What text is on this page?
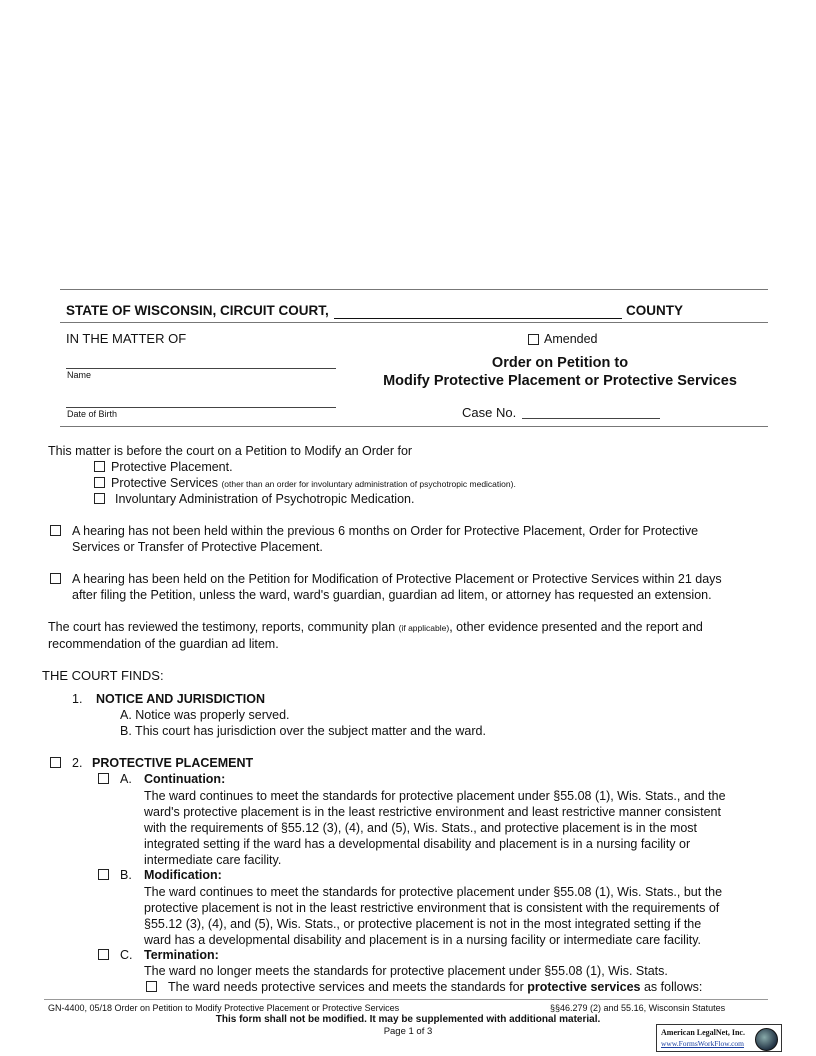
STATE OF WISCONSIN, CIRCUIT COURT,	COUNTY
IN THE MATTER OF	Amended
Name
Date of Birth
Order on Petition to
Modify Protective Placement or Protective Services
Case No.
This matter is before the court on a Petition to Modify an Order for
Protective Placement.
Protective Services (other than an order for involuntary administration of psychotropic medication).
Involuntary Administration of Psychotropic Medication.
A hearing has not been held within the previous 6 months on Order for Protective Placement, Order for Protective
Services or Transfer of Protective Placement.
A hearing has been held on the Petition for Modification of Protective Placement or Protective Services within 21 days
after filing the Petition, unless the ward, ward's guardian, guardian ad litem, or attorney has requested an extension.
The court has reviewed the testimony, reports, community plan (if applicable), other evidence presented and the report and
recommendation of the guardian ad litem.
THE COURT FINDS:
1. NOTICE AND JURISDICTION
A. Notice was properly served.
B. This court has jurisdiction over the subject matter and the ward.
2. PROTECTIVE PLACEMENT
A. Continuation:
The ward continues to meet the standards for protective placement under §55.08 (1), Wis. Stats., and the
ward's protective placement is in the least restrictive environment and least restrictive manner consistent
with the requirements of §55.12 (3), (4), and (5), Wis. Stats., and protective placement is in the most
integrated setting if the ward has a developmental disability and placement is in a nursing facility or
intermediate care facility.
B. Modification:
The ward continues to meet the standards for protective placement under §55.08 (1), Wis. Stats., but the
protective placement is not in the least restrictive environment that is consistent with the requirements of
§55.12 (3), (4), and (5), Wis. Stats., or protective placement is not in the most integrated setting if the
ward has a developmental disability and placement is in a nursing facility or intermediate care facility.
C. Termination:
The ward no longer meets the standards for protective placement under §55.08 (1), Wis. Stats.
The ward needs protective services and meets the standards for protective services as follows:
GN-4400, 05/18 Order on Petition to Modify Protective Placement or Protective Services	§§46.279 (2) and 55.16, Wisconsin Statutes
This form shall not be modified. It may be supplemented with additional material.
Page 1 of 3	American LegalNet, Inc.
www.FormsWorkFlow.com
